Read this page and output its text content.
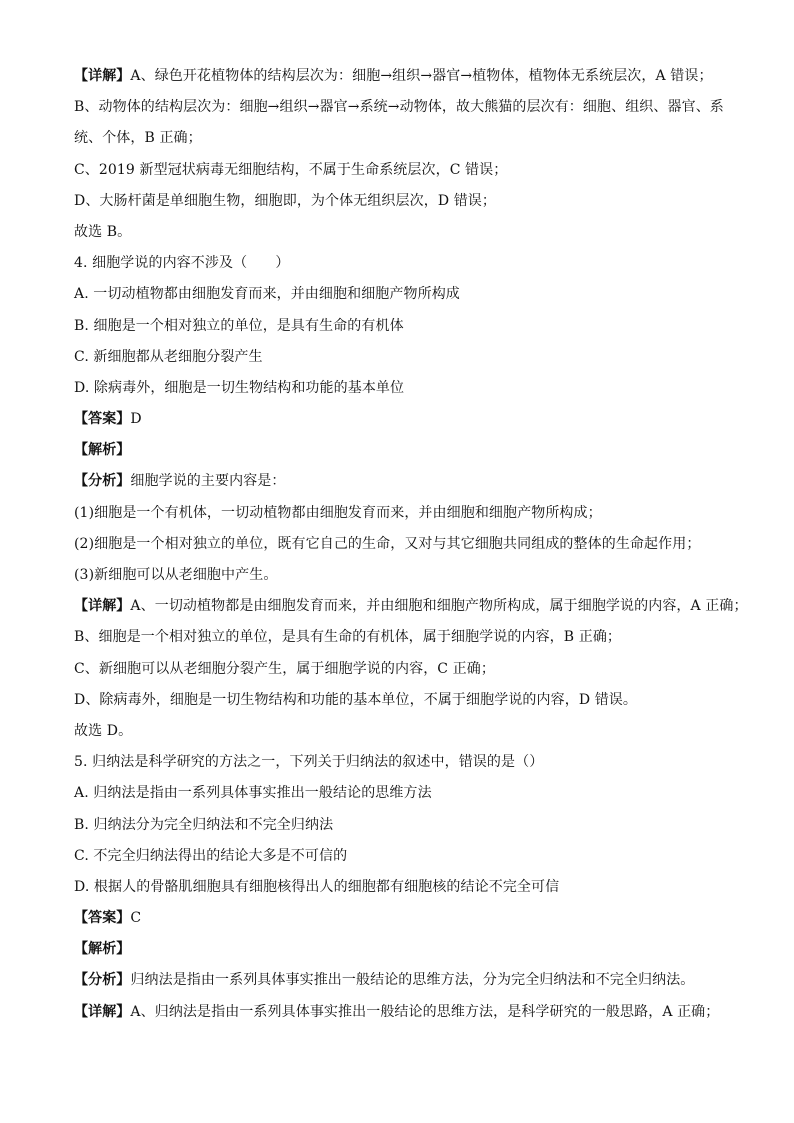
【详解】A、绿色开花植物体的结构层次为：细胞→组织→器官→植物体，植物体无系统层次，A 错误；
B、动物体的结构层次为：细胞→组织→器官→系统→动物体，故大熊猫的层次有：细胞、组织、器官、系
统、个体，B 正确；
C、2019 新型冠状病毒无细胞结构，不属于生命系统层次，C 错误；
D、大肠杆菌是单细胞生物，细胞即，为个体无组织层次，D 错误；
故选 B。
4. 细胞学说的内容不涉及（　　）
A. 一切动植物都由细胞发育而来，并由细胞和细胞产物所构成
B. 细胞是一个相对独立的单位，是具有生命的有机体
C. 新细胞都从老细胞分裂产生
D. 除病毒外，细胞是一切生物结构和功能的基本单位
【答案】D
【解析】
【分析】细胞学说的主要内容是：
(1)细胞是一个有机体，一切动植物都由细胞发育而来，并由细胞和细胞产物所构成；
(2)细胞是一个相对独立的单位，既有它自己的生命，又对与其它细胞共同组成的整体的生命起作用；
(3)新细胞可以从老细胞中产生。
【详解】A、一切动植物都是由细胞发育而来，并由细胞和细胞产物所构成，属于细胞学说的内容，A 正确；
B、细胞是一个相对独立的单位，是具有生命的有机体，属于细胞学说的内容，B 正确；
C、新细胞可以从老细胞分裂产生，属于细胞学说的内容，C 正确；
D、除病毒外，细胞是一切生物结构和功能的基本单位，不属于细胞学说的内容，D 错误。
故选 D。
5. 归纳法是科学研究的方法之一，下列关于归纳法的叙述中，错误的是（）
A. 归纳法是指由一系列具体事实推出一般结论的思维方法
B. 归纳法分为完全归纳法和不完全归纳法
C. 不完全归纳法得出的结论大多是不可信的
D. 根据人的骨骼肌细胞具有细胞核得出人的细胞都有细胞核的结论不完全可信
【答案】C
【解析】
【分析】归纳法是指由一系列具体事实推出一般结论的思维方法，分为完全归纳法和不完全归纳法。
【详解】A、归纳法是指由一系列具体事实推出一般结论的思维方法，是科学研究的一般思路，A 正确；
